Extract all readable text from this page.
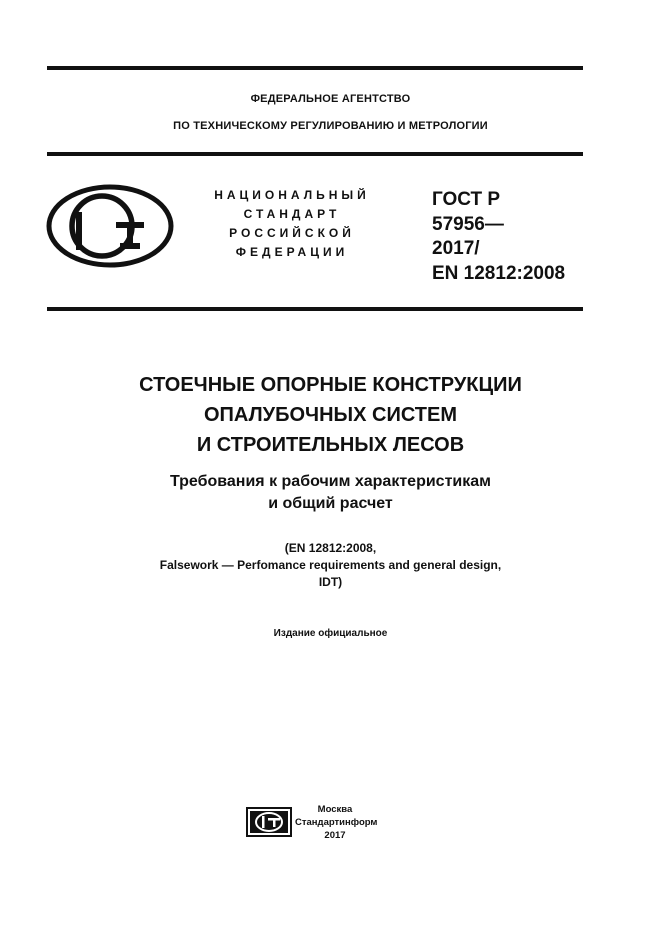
ФЕДЕРАЛЬНОЕ АГЕНТСТВО
ПО ТЕХНИЧЕСКОМУ РЕГУЛИРОВАНИЮ И МЕТРОЛОГИИ
НАЦИОНАЛЬНЫЙ
СТАНДАРТ
РОССИЙСКОЙ
ФЕДЕРАЦИИ
ГОСТ Р
57956—
2017/
EN 12812:2008
СТОЕЧНЫЕ ОПОРНЫЕ КОНСТРУКЦИИ
ОПАЛУБОЧНЫХ СИСТЕМ
И СТРОИТЕЛЬНЫХ ЛЕСОВ
Требования к рабочим характеристикам
и общий расчет
(EN 12812:2008,
Falsework — Perfomance requirements and general design,
IDT)
Издание официальное
Москва
Стандартинформ
2017
